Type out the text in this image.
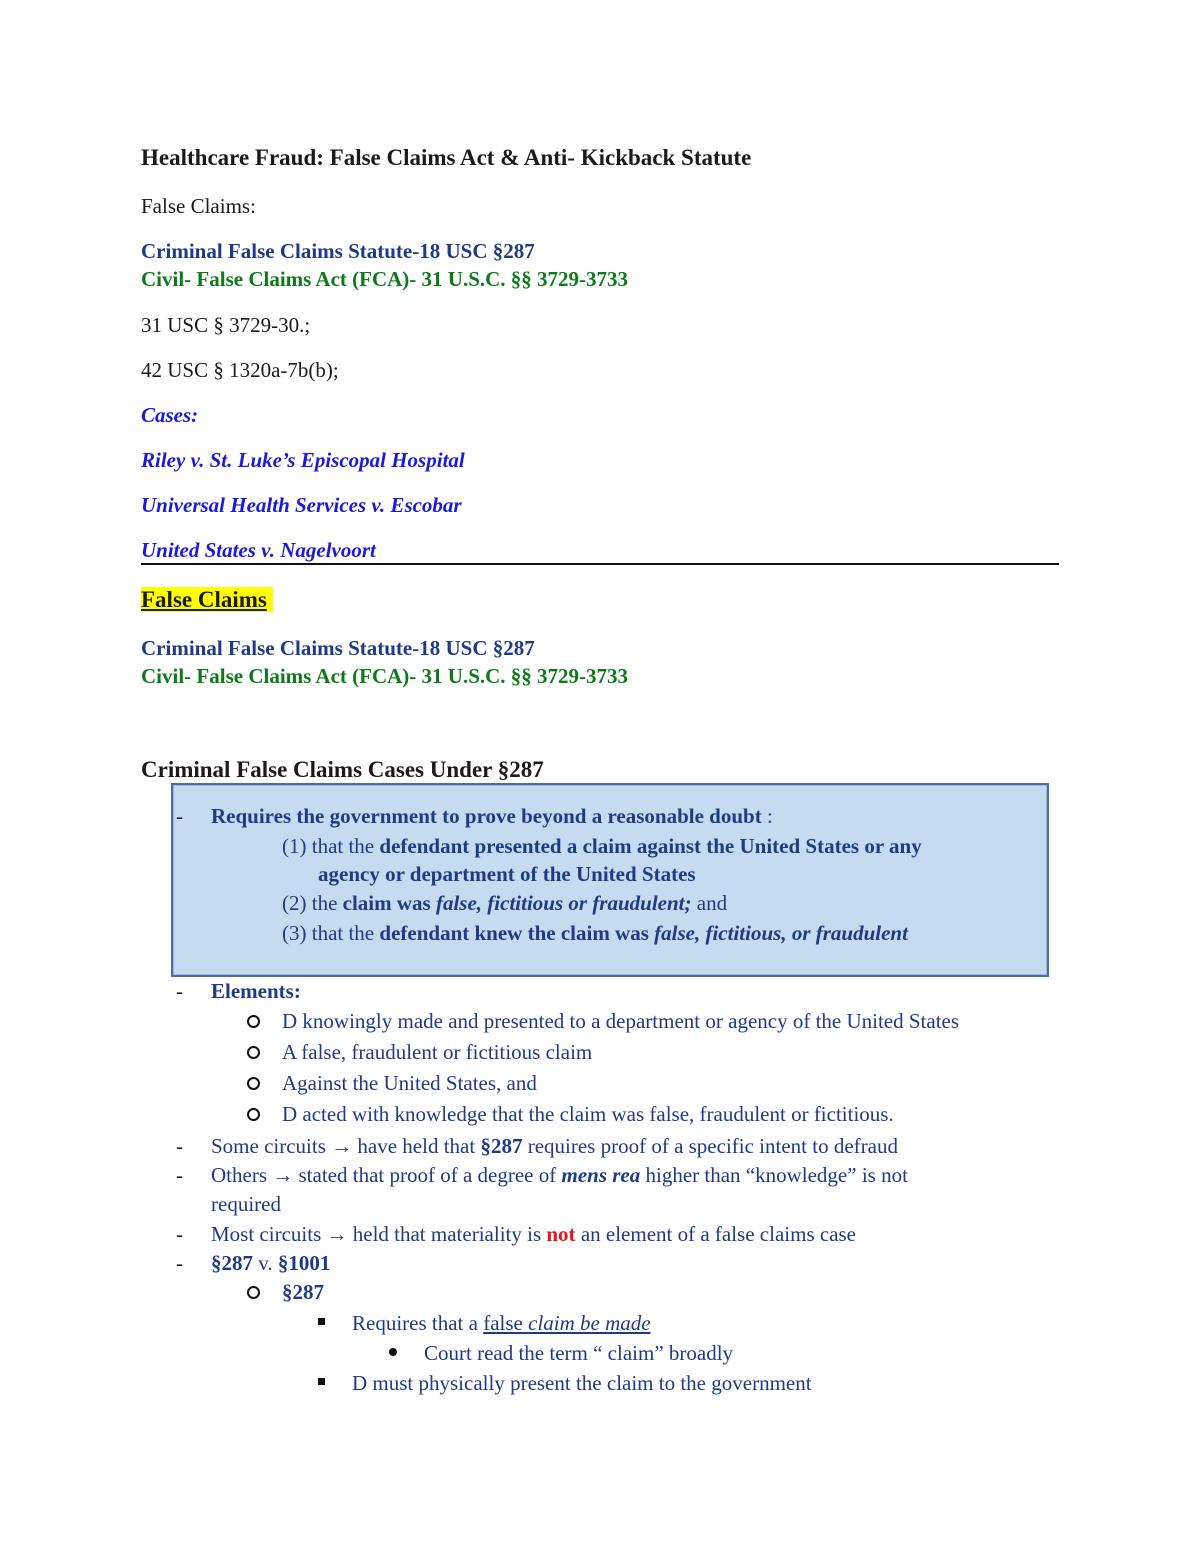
Healthcare Fraud: False Claims Act & Anti- Kickback Statute
False Claims:
Criminal False Claims Statute-18 USC §287
Civil- False Claims Act (FCA)- 31 U.S.C. §§ 3729-3733
31 USC § 3729-30.;
42 USC § 1320a-7b(b);
Cases:
Riley v. St. Luke’s Episcopal Hospital
Universal Health Services v. Escobar
United States v. Nagelvoort
False Claims
Criminal False Claims Statute-18 USC §287
Civil- False Claims Act (FCA)- 31 U.S.C. §§ 3729-3733
Criminal False Claims Cases Under §287
- Requires the government to prove beyond a reasonable doubt :
(1) that the defendant presented a claim against the United States or any
agency or department of the United States
(2) the claim was false, fictitious or fraudulent; and
(3) that the defendant knew the claim was false, fictitious, or fraudulent
- Elements:
D knowingly made and presented to a department or agency of the United States
A false, fraudulent or fictitious claim
Against the United States, and
D acted with knowledge that the claim was false, fraudulent or fictitious.
- Some circuits → have held that §287 requires proof of a specific intent to defraud
- Others → stated that proof of a degree of mens rea higher than “knowledge” is not
required
- Most circuits → held that materiality is not an element of a false claims case
- §287 v. §1001
§287
Requires that a false claim be made
Court read the term “ claim” broadly
D must physically present the claim to the government
